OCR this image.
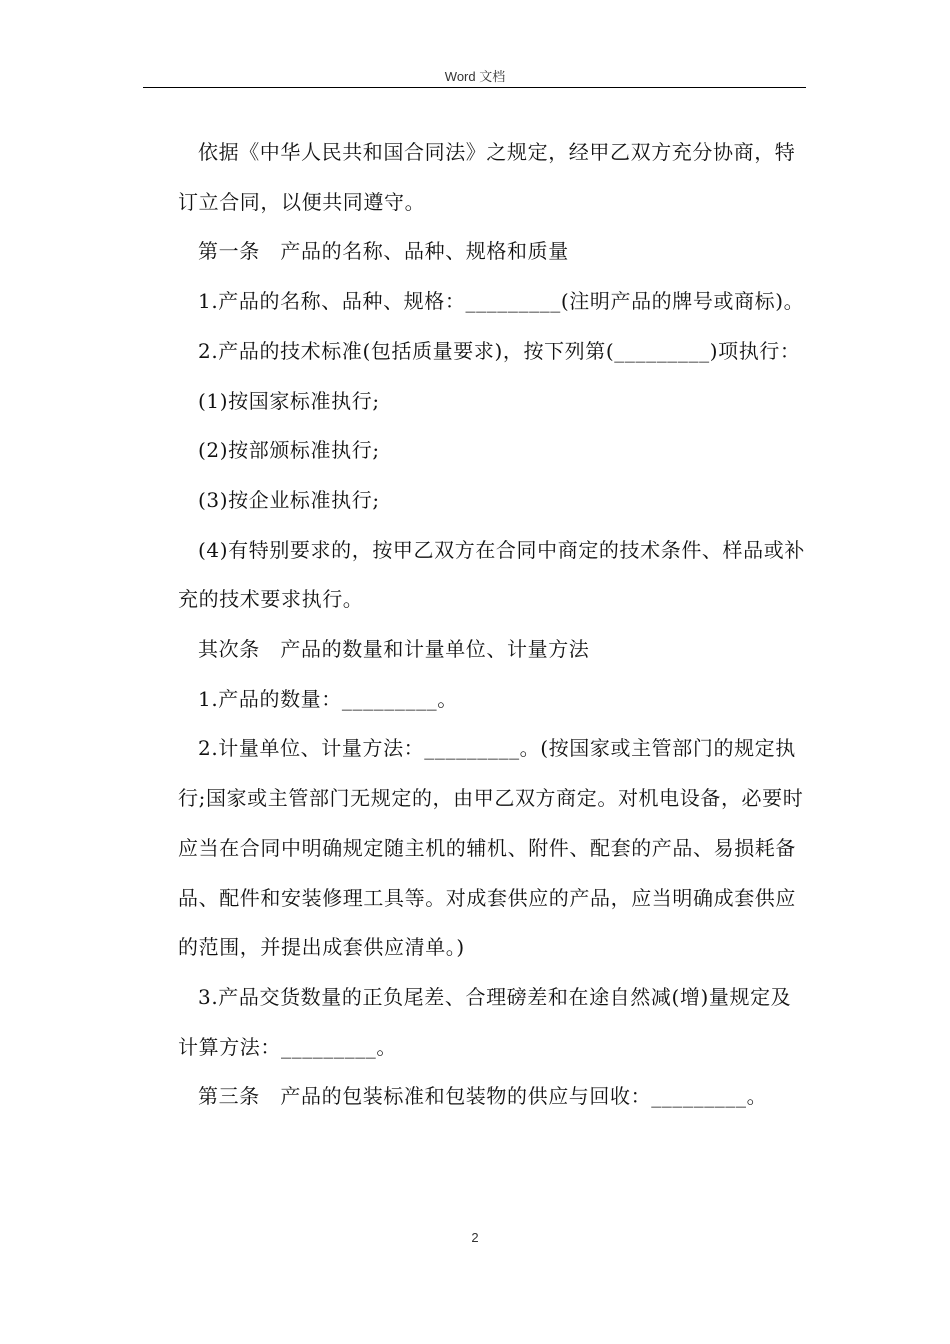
Word 文档

依据《中华人民共和国合同法》之规定，经甲乙双方充分协商，特订立合同，以便共同遵守。

第一条　产品的名称、品种、规格和质量

1.产品的名称、品种、规格：_________(注明产品的牌号或商标)。

2.产品的技术标准(包括质量要求)，按下列第(_________)项执行：

(1)按国家标准执行;

(2)按部颁标准执行;

(3)按企业标准执行;

(4)有特别要求的，按甲乙双方在合同中商定的技术条件、样品或补充的技术要求执行。

其次条　产品的数量和计量单位、计量方法

1.产品的数量：_________。

2.计量单位、计量方法：_________。(按国家或主管部门的规定执行;国家或主管部门无规定的，由甲乙双方商定。对机电设备，必要时应当在合同中明确规定随主机的辅机、附件、配套的产品、易损耗备品、配件和安装修理工具等。对成套供应的产品，应当明确成套供应的范围，并提出成套供应清单。)

3.产品交货数量的正负尾差、合理磅差和在途自然减(增)量规定及计算方法：_________。

第三条　产品的包装标准和包装物的供应与回收：_________。

2
